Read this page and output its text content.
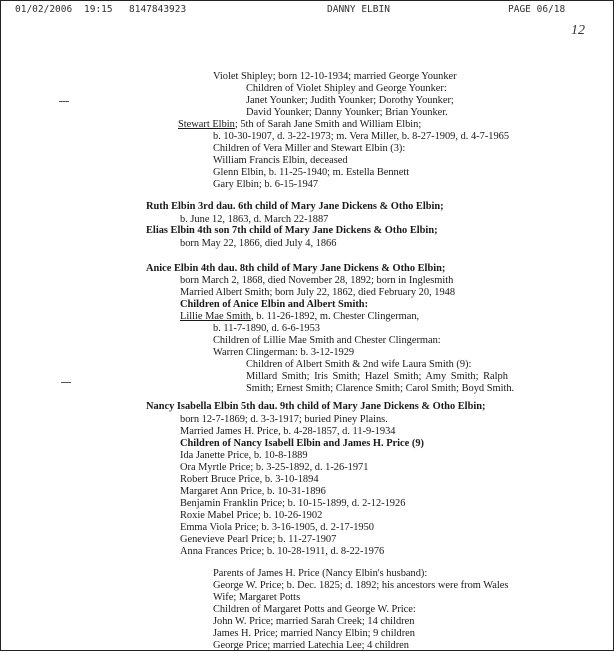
01/02/2006 19:15 8147843923	DANNY ELBIN	PAGE 06/18
12
Violet Shipley; born 12-10-1934; married George Younker
Children of Violet Shipley and George Younker:
Janet Younker; Judith Younker; Dorothy Younker;
David Younker; Danny Younker; Brian Younker.
Stewart Elbin; 5th of Sarah Jane Smith and William Elbin;
b. 10-30-1907, d. 3-22-1973; m. Vera Miller, b. 8-27-1909, d. 4-7-1965
Children of Vera Miller and Stewart Elbin (3):
William Francis Elbin, deceased
Glenn Elbin, b. 11-25-1940; m. Estella Bennett
Gary Elbin; b. 6-15-1947
Ruth Elbin 3rd dau. 6th child of Mary Jane Dickens & Otho Elbin;
b. June 12, 1863, d. March 22-1887
Elias Elbin 4th son 7th child of Mary Jane Dickens & Otho Elbin;
born May 22, 1866, died July 4, 1866
Anice Elbin 4th dau. 8th child of Mary Jane Dickens & Otho Elbin;
born March 2, 1868, died November 28, 1892; born in Inglesmith
Married Albert Smith; born July 22, 1862, died February 20, 1948
Children of Anice Elbin and Albert Smith:
Lillie Mae Smith, b. 11-26-1892, m. Chester Clingerman,
b. 11-7-1890, d. 6-6-1953
Children of Lillie Mae Smith and Chester Clingerman:
Warren Clingerman: b. 3-12-1929
Children of Albert Smith & 2nd wife Laura Smith (9):
Millard Smith; Iris Smith; Hazel Smith; Amy Smith; Ralph
Smith; Ernest Smith; Clarence Smith; Carol Smith; Boyd Smith.
Nancy Isabella Elbin 5th dau. 9th child of Mary Jane Dickens & Otho Elbin;
born 12-7-1869; d. 3-3-1917; buried Piney Plains.
Married James H. Price, b. 4-28-1857, d. 11-9-1934
Children of Nancy Isabell Elbin and James H. Price (9)
Ida Janette Price, b. 10-8-1889
Ora Myrtle Price; b. 3-25-1892, d. 1-26-1971
Robert Bruce Price, b. 3-10-1894
Margaret Ann Price, b. 10-31-1896
Benjamin Franklin Price; b. 10-15-1899, d. 2-12-1926
Roxie Mabel Price; b. 10-26-1902
Emma Viola Price; b. 3-16-1905, d. 2-17-1950
Genevieve Pearl Price; b. 11-27-1907
Anna Frances Price; b. 10-28-1911, d. 8-22-1976
Parents of James H. Price (Nancy Elbin's husband):
George W. Price; b. Dec. 1825; d. 1892; his ancestors were from Wales
Wife; Margaret Potts
Children of Margaret Potts and George W. Price:
John W. Price; married Sarah Creek; 14 children
James H. Price; married Nancy Elbin; 9 children
George Price; married Latechia Lee; 4 children
